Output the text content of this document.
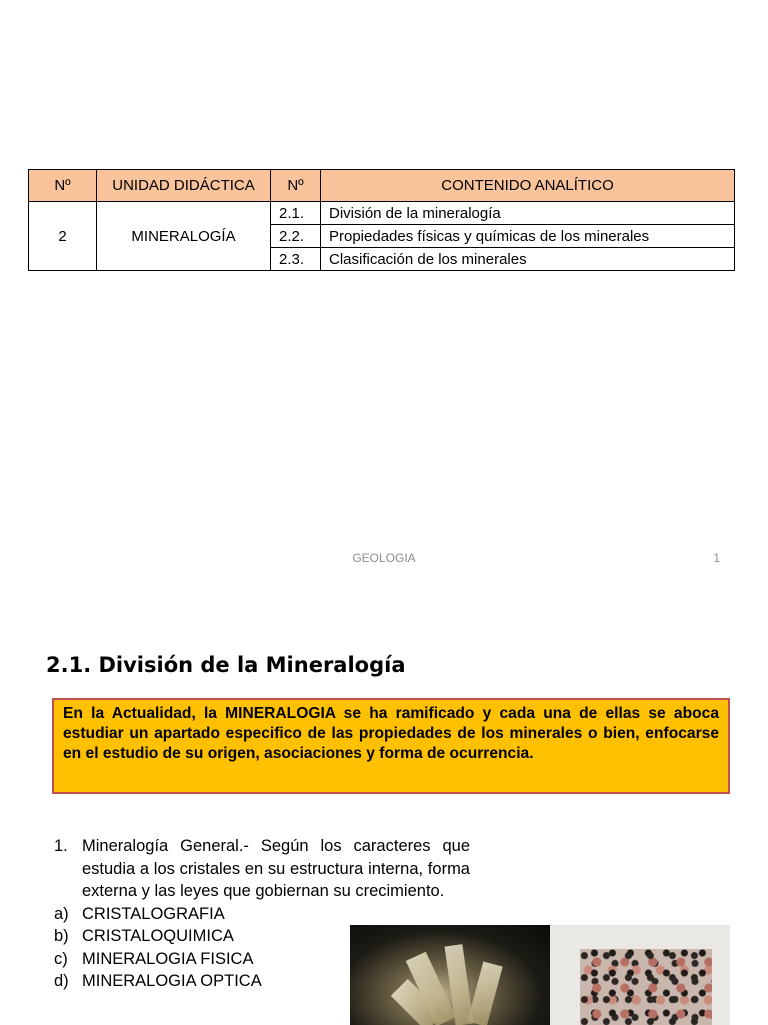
Nº	UNIDAD DIDÁCTICA	Nº	CONTENIDO ANALÍTICO
2	MINERALOGÍA	2.1.	División de la mineralogía
		2.2.	Propiedades físicas y químicas de los minerales
		2.3.	Clasificación de los minerales
GEOLOGIA	1
2.1. División de la Mineralogía
En la Actualidad, la MINERALOGIA se ha ramificado y cada una de ellas se aboca estudiar un apartado especifico de las propiedades de los minerales o bien, enfocarse en el estudio de su origen, asociaciones y forma de ocurrencia.
1. Mineralogía General.- Según los caracteres que estudia a los cristales en su estructura interna, forma externa y las leyes que gobiernan su crecimiento.
a) CRISTALOGRAFIA
b) CRISTALOQUIMICA
c) MINERALOGIA FISICA
d) MINERALOGIA OPTICA
